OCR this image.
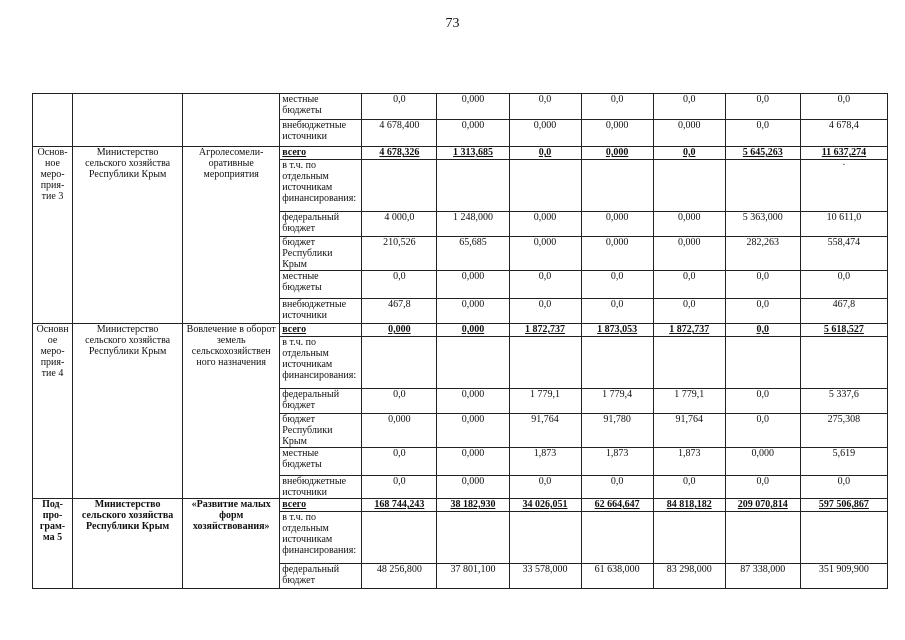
73
			местные бюджеты	0,0	0,000	0,0	0,0	0,0	0,0	0,0
			внебюджетные источники	4 678,400	0,000	0,000	0,000	0,000	0,0	4 678,4
Основ-ное меро-прия-тие 3	Министерство сельского хозяйства Республики Крым	Агролесомели-оративные мероприятия	всего	4 678,326	1 313,685	0,0	0,000	0,0	5 645,263	11 637,274
			в т.ч. по отдельным источникам финансирования:							·
			федеральный бюджет	4 000,0	1 248,000	0,000	0,000	0,000	5 363,000	10 611,0
			бюджет Республики Крым	210,526	65,685	0,000	0,000	0,000	282,263	558,474
			местные бюджеты	0,0	0,000	0,0	0,0	0,0	0,0	0,0
			внебюджетные источники	467,8	0,000	0,0	0,0	0,0	0,0	467,8
Основн ое меро-прия-тие 4	Министерство сельского хозяйства Республики Крым	Вовлечение в оборот земель сельскохозяйствен ного назначения	всего	0,000	0,000	1 872,737	1 873,053	1 872,737	0,0	5 618,527
			в т.ч. по отдельным источникам финансирования:							
			федеральный бюджет	0,0	0,000	1 779,1	1 779,4	1 779,1	0,0	5 337,6
			бюджет Республики Крым	0,000	0,000	91,764	91,780	91,764	0,0	275,308
			местные бюджеты	0,0	0,000	1,873	1,873	1,873	0,000	5,619
			внебюджетные источники	0,0	0,000	0,0	0,0	0,0	0,0	0,0
Под-про-грам-ма 5	Министерство сельского хозяйства Республики Крым	«Развитие малых форм хозяйствования»	всего	168 744,243	38 182,930	34 026,051	62 664,647	84 818,182	209 070,814	597 506,867
			в т.ч. по отдельным источникам финансирования:							
			федеральный бюджет	48 256,800	37 801,100	33 578,000	61 638,000	83 298,000	87 338,000	351 909,900
